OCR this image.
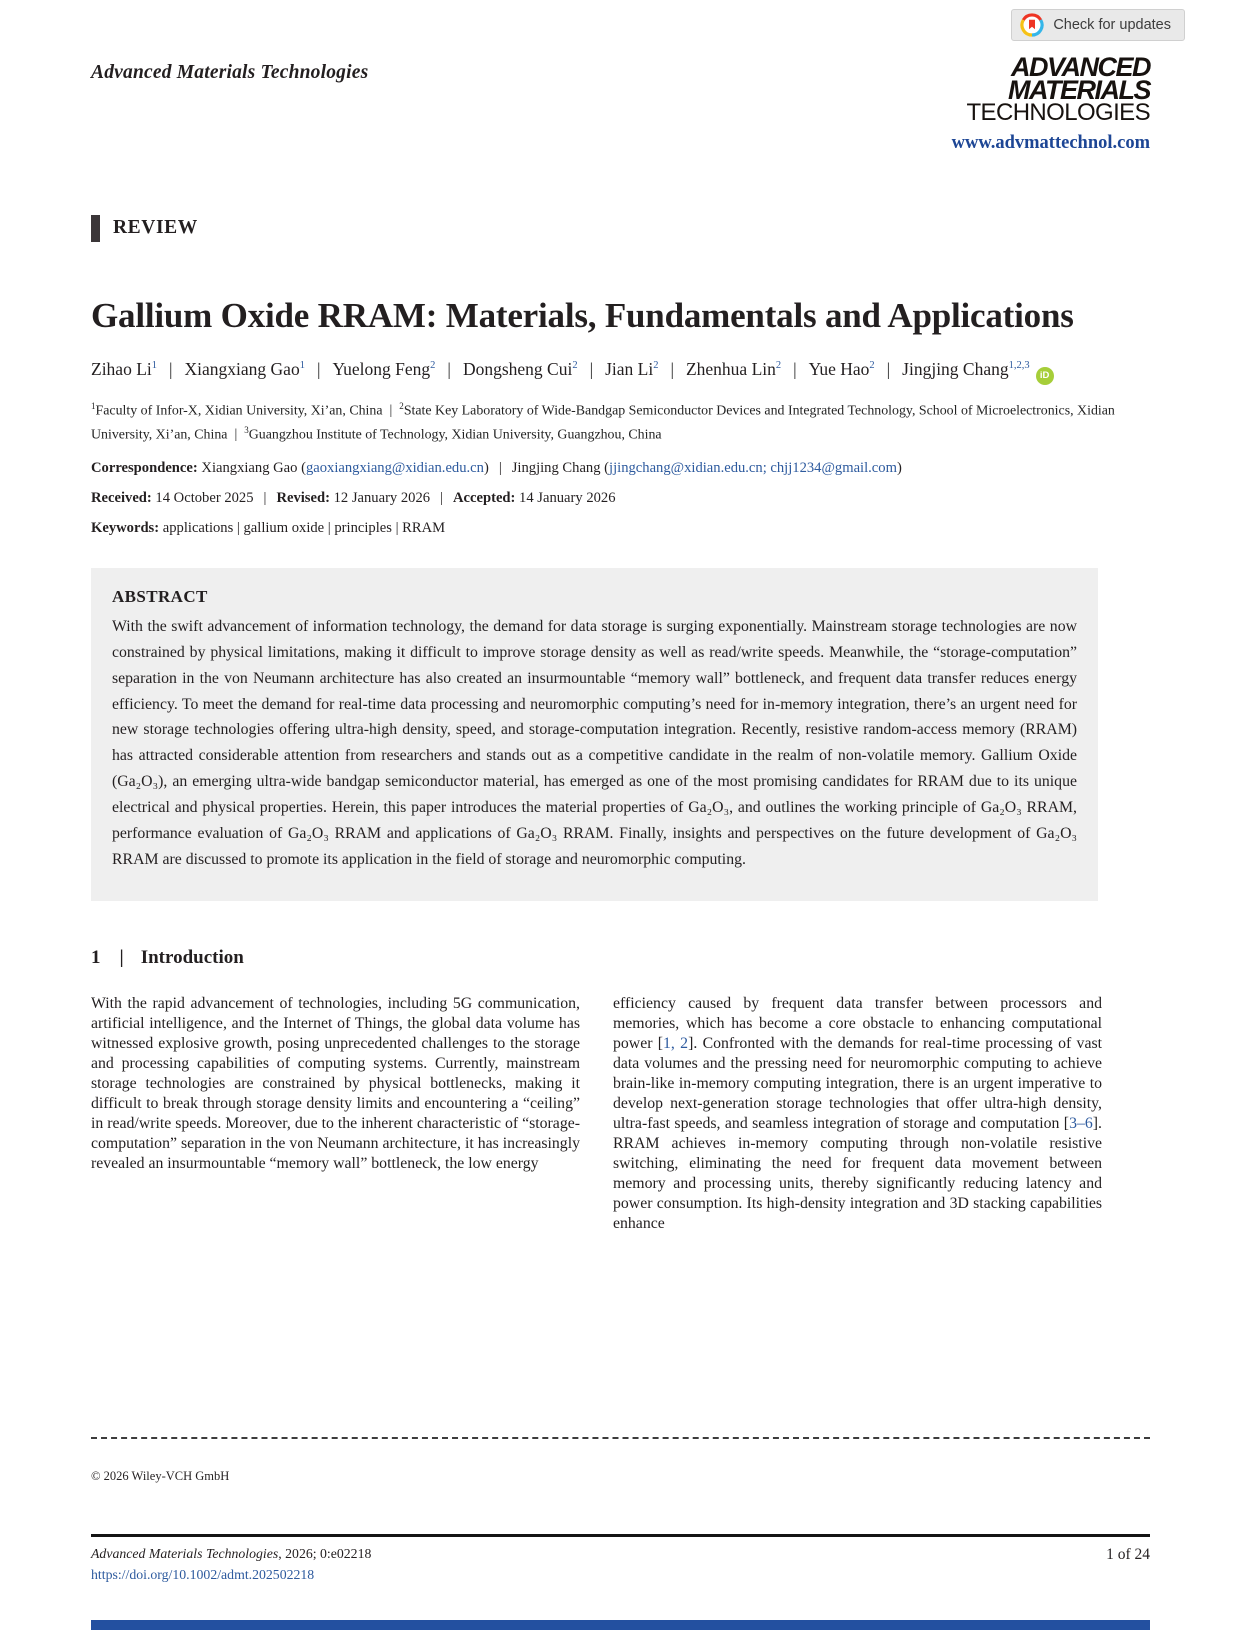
Check for updates
Advanced Materials Technologies	ADVANCED
MATERIALS
TECHNOLOGIES
www.advmattechnol.com
REVIEW
Gallium Oxide RRAM: Materials, Fundamentals and Applications
Zihao Li$^1$ | Xiangxiang Gao$^1$ | Yuelong Feng$^2$ | Dongsheng Cui$^2$ | Jian Li$^2$ | Zhenhua Lin$^2$ | Yue Hao$^2$ | Jingjing Chang$^{1,2,3}$iD
$^1$Faculty of Infor-X, Xidian University, Xi’an, China | $^2$State Key Laboratory of Wide-Bandgap Semiconductor Devices and Integrated Technology, School of Microelectronics, Xidian University, Xi’an, China | $^3$Guangzhou Institute of Technology, Xidian University, Guangzhou, China

Correspondence: Xiangxiang Gao (gaoxiangxiang@xidian.edu.cn) | Jingjing Chang (jjingchang@xidian.edu.cn; chjj1234@gmail.com)

Received: 14 October 2025 | Revised: 12 January 2026 | Accepted: 14 January 2026

Keywords: applications | gallium oxide | principles | RRAM

ABSTRACT

With the swift advancement of information technology, the demand for data storage is surging exponentially. Mainstream storage technologies are now constrained by physical limitations, making it difficult to improve storage density as well as read/write speeds. Meanwhile, the “storage-computation” separation in the von Neumann architecture has also created an insurmountable “memory wall” bottleneck, and frequent data transfer reduces energy efficiency. To meet the demand for real-time data processing and neuromorphic computing’s need for in-memory integration, there’s an urgent need for new storage technologies offering ultra-high density, speed, and storage-computation integration. Recently, resistive random-access memory (RRAM) has attracted considerable attention from researchers and stands out as a competitive candidate in the realm of non-volatile memory. Gallium Oxide (Ga₂O₃), an emerging ultra-wide bandgap semiconductor material, has emerged as one of the most promising candidates for RRAM due to its unique electrical and physical properties. Herein, this paper introduces the material properties of Ga₂O₃, and outlines the working principle of Ga₂O₃ RRAM, performance evaluation of Ga₂O₃ RRAM and applications of Ga₂O₃ RRAM. Finally, insights and perspectives on the future development of Ga₂O₃ RRAM are discussed to promote its application in the field of storage and neuromorphic computing.

1 | Introduction

With the rapid advancement of technologies, including 5G communication, artificial intelligence, and the Internet of Things, the global data volume has witnessed explosive growth, posing unprecedented challenges to the storage and processing capabilities of computing systems. Currently, mainstream storage technologies are constrained by physical bottlenecks, making it difficult to break through storage density limits and encountering a “ceiling” in read/write speeds. Moreover, due to the inherent characteristic of “storage-computation” separation in the von Neumann architecture, it has increasingly revealed an insurmountable “memory wall” bottleneck, the low energy

efficiency caused by frequent data transfer between processors and memories, which has become a core obstacle to enhancing computational power [1, 2]. Confronted with the demands for real-time processing of vast data volumes and the pressing need for neuromorphic computing to achieve brain-like in-memory computing integration, there is an urgent imperative to develop next-generation storage technologies that offer ultra-high density, ultra-fast speeds, and seamless integration of storage and computation [3–6]. RRAM achieves in-memory computing through non-volatile resistive switching, eliminating the need for frequent data movement between memory and processing units, thereby significantly reducing latency and power consumption. Its high-density integration and 3D stacking capabilities enhance

© 2026 Wiley-VCH GmbH
Advanced Materials Technologies, 2026; 0:e02218
https://doi.org/10.1002/admt.202502218
1 of 24
